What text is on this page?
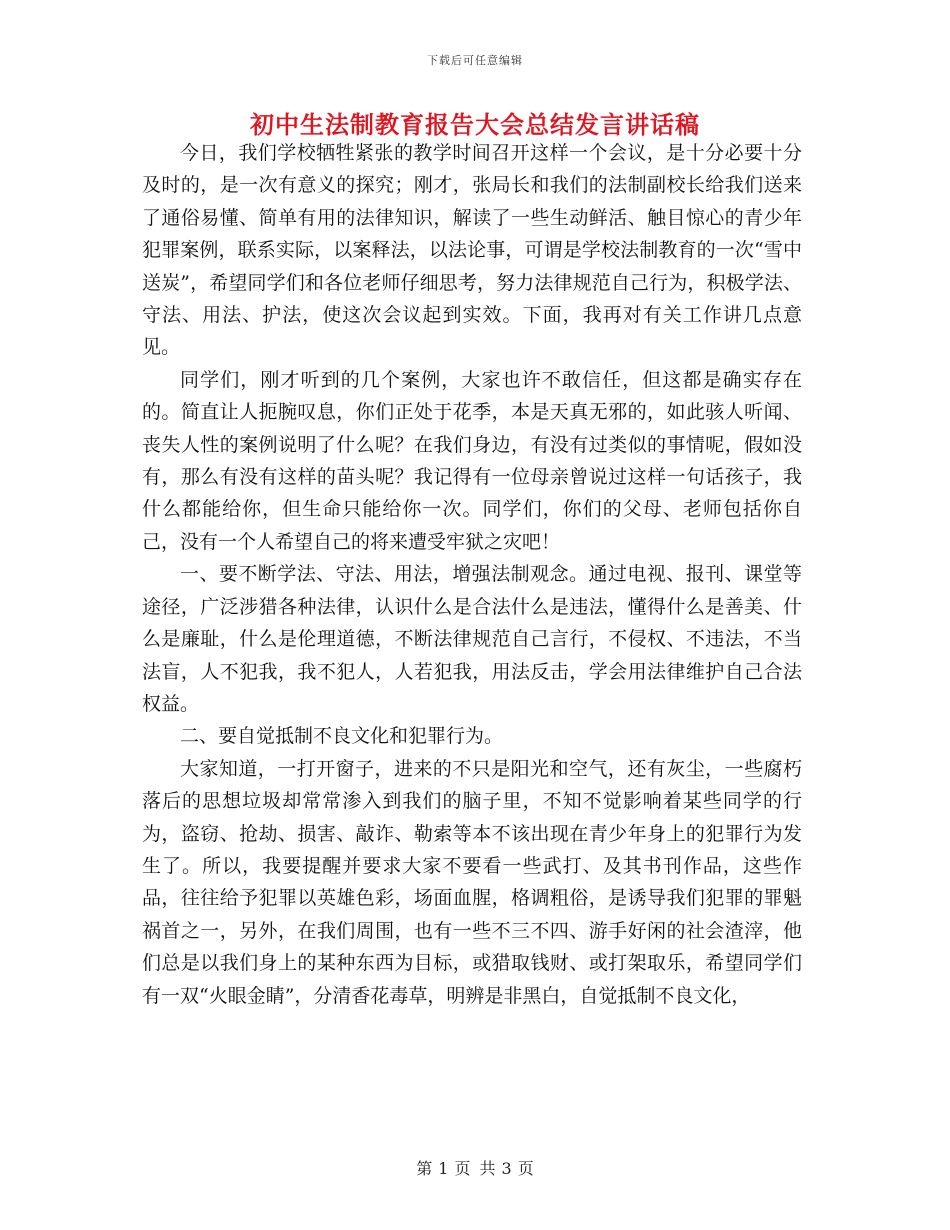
下载后可任意编辑
初中生法制教育报告大会总结发言讲话稿

今日，我们学校牺牲紧张的教学时间召开这样一个会议，是十分必要十分及时的，是一次有意义的探究；刚才，张局长和我们的法制副校长给我们送来了通俗易懂、简单有用的法律知识，解读了一些生动鲜活、触目惊心的青少年犯罪案例，联系实际，以案释法，以法论事，可谓是学校法制教育的一次“雪中送炭”，希望同学们和各位老师仔细思考，努力法律规范自己行为，积极学法、守法、用法、护法，使这次会议起到实效。下面，我再对有关工作讲几点意见。

同学们，刚才听到的几个案例，大家也许不敢信任，但这都是确实存在的。简直让人扼腕叹息，你们正处于花季，本是天真无邪的，如此骇人听闻、丧失人性的案例说明了什么呢？在我们身边，有没有过类似的事情呢，假如没有，那么有没有这样的苗头呢？我记得有一位母亲曾说过这样一句话孩子，我什么都能给你，但生命只能给你一次。同学们，你们的父母、老师包括你自己，没有一个人希望自己的将来遭受牢狱之灾吧！

一、要不断学法、守法、用法，增强法制观念。通过电视、报刊、课堂等途径，广泛涉猎各种法律，认识什么是合法什么是违法，懂得什么是善美、什么是廉耻，什么是伦理道德，不断法律规范自己言行，不侵权、不违法，不当法盲，人不犯我，我不犯人，人若犯我，用法反击，学会用法律维护自己合法权益。

二、要自觉抵制不良文化和犯罪行为。

大家知道，一打开窗子，进来的不只是阳光和空气，还有灰尘，一些腐朽落后的思想垃圾却常常渗入到我们的脑子里，不知不觉影响着某些同学的行为，盗窃、抢劫、损害、敲诈、勒索等本不该出现在青少年身上的犯罪行为发生了。所以，我要提醒并要求大家不要看一些武打、及其书刊作品，这些作品，往往给予犯罪以英雄色彩，场面血腥，格调粗俗，是诱导我们犯罪的罪魁祸首之一，另外，在我们周围，也有一些不三不四、游手好闲的社会渣滓，他们总是以我们身上的某种东西为目标，或猎取钱财、或打架取乐，希望同学们有一双“火眼金睛”，分清香花毒草，明辨是非黑白，自觉抵制不良文化，

第 1 页 共 3 页
